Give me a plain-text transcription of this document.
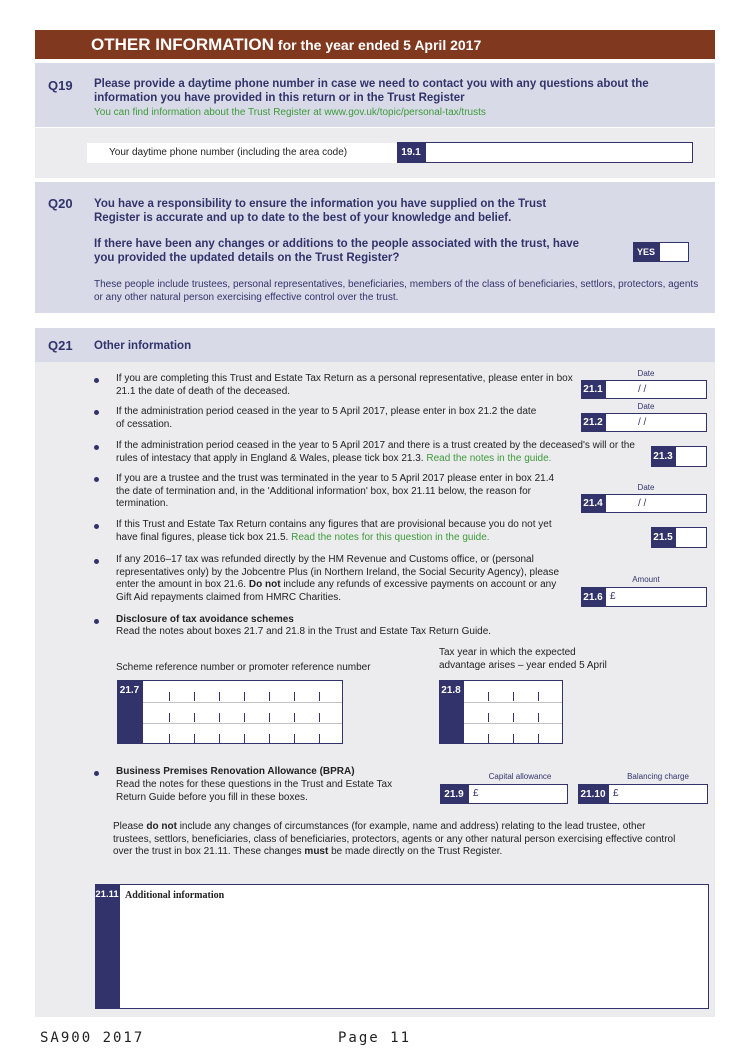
OTHER INFORMATION for the year ended 5 April 2017
Q19 Please provide a daytime phone number in case we need to contact you with any questions about the information you have provided in this return or in the Trust Register
You can find information about the Trust Register at www.gov.uk/topic/personal-tax/trusts
Your daytime phone number (including the area code)	19.1
Q20 You have a responsibility to ensure the information you have supplied on the Trust Register is accurate and up to date to the best of your knowledge and belief.
If there have been any changes or additions to the people associated with the trust, have you provided the updated details on the Trust Register?	YES
These people include trustees, personal representatives, beneficiaries, members of the class of beneficiaries, settlors, protectors, agents or any other natural person exercising effective control over the trust.
Q21 Other information
If you are completing this Trust and Estate Tax Return as a personal representative, please enter in box 21.1 the date of death of the deceased.
Date
21.1	/ /
If the administration period ceased in the year to 5 April 2017, please enter in box 21.2 the date of cessation.
Date
21.2	/ /
If the administration period ceased in the year to 5 April 2017 and there is a trust created by the deceased's will or the rules of intestacy that apply in England & Wales, please tick box 21.3. Read the notes in the guide.	21.3
If you are a trustee and the trust was terminated in the year to 5 April 2017 please enter in box 21.4 the date of termination and, in the 'Additional information' box, box 21.11 below, the reason for termination.
Date
21.4	/ /
If this Trust and Estate Tax Return contains any figures that are provisional because you do not yet have final figures, please tick box 21.5. Read the notes for this question in the guide.	21.5
If any 2016–17 tax was refunded directly by the HM Revenue and Customs office, or (personal representatives only) by the Jobcentre Plus (in Northern Ireland, the Social Security Agency), please enter the amount in box 21.6. Do not include any refunds of excessive payments on account or any Gift Aid repayments claimed from HMRC Charities.
Amount
21.6 £
Disclosure of tax avoidance schemes
Read the notes about boxes 21.7 and 21.8 in the Trust and Estate Tax Return Guide.
Scheme reference number or promoter reference number
Tax year in which the expected
advantage arises – year ended 5 April
21.7	21.8
Business Premises Renovation Allowance (BPRA)
Read the notes for these questions in the Trust and Estate Tax Return Guide before you fill in these boxes.
Capital allowance	Balancing charge
21.9 £	21.10 £
Please do not include any changes of circumstances (for example, name and address) relating to the lead trustee, other trustees, settlors, beneficiaries, class of beneficiaries, protectors, agents or any other natural person exercising effective control over the trust in box 21.11. These changes must be made directly on the Trust Register.
21.11 Additional information
SA900 2017	Page 11
